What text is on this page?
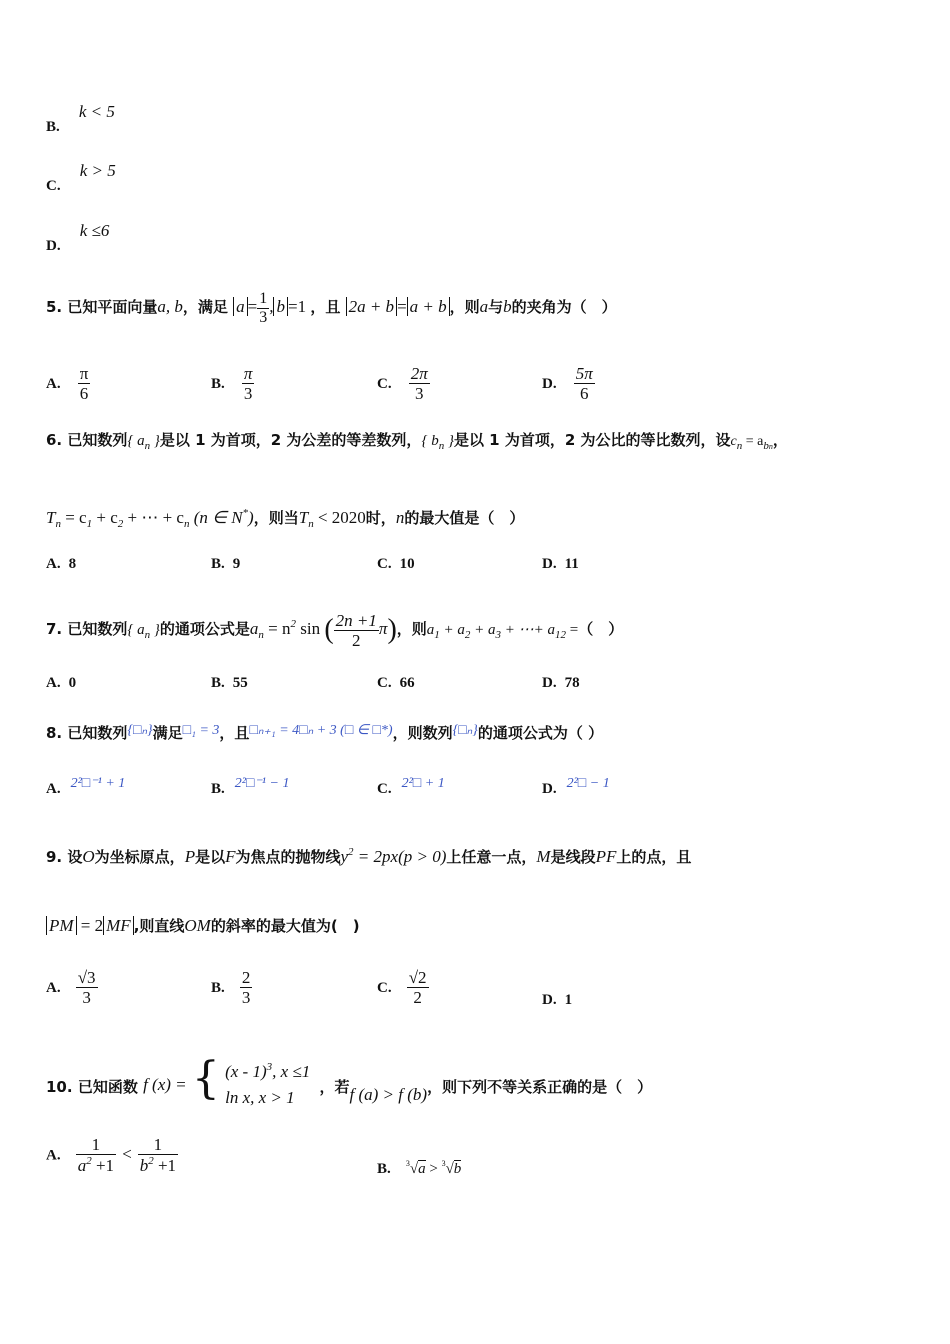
B. k < 5
C. k > 5
D. k ≤6
5. 已知平面向量a, b，满足 $a = \frac{1}{3}$ , b =1 ，且 2a + b = a + b ，则a与b的夹角为（　）
A. $\frac{\pi}{6}$	B. $\frac{\pi}{3}$	C. $\frac{2\pi}{3}$	D. $\frac{5\pi}{6}$
6. 已知数列{ $a_n$ }是以 1 为首项，2 为公差的等差数列，{ $b_n$ }是以 1 为首项，2 为公比的等比数列，设$c_n = a_{bn}$，
$T_n = c_1 + c_2$ + ⋯ + $c_n$ (n ∈ N*)，则当$T_n < 2020$时，n的最大值是（　）
A. 8	B. 9	C. 10	D. 11
7. 已知数列{ $a_n$ }的通项公式是$a_n = n^2$ sin ( $\frac{2n +1}{2} \pi$)，则$a_1 + a_2 + a_3$ + ⋯+ $a_{12}$ =（　）
A. 0	B. 55	C. 66	D. 78
8. 已知数列{□ₙ}满足□₁ = 3，且□ₙ₊₁ = 4□ₙ + 3 (□ ∈ □*)，则数列{□ₙ}的通项公式为（ ）
A. 2²□⁻¹ + 1	B. 2²□⁻¹ − 1	C. 2²□ + 1	D. 2²□ − 1
9. 设O为坐标原点，P是以F为焦点的抛物线$y^2 = 2px(p > 0)$上任意一点，M是线段PF上的点，且
PM = 2 MF ,则直线OM的斜率的最大值为(　)
A. $\frac{√3}{3}$	B. $\frac{2}{3}$	C. $\frac{√2}{2}$	D. 1
10. 已知函数 f (x) = { (x - 1)$^3$, x ≤1
ln x, x > 1
，若f (a) > f (b)，则下列不等关系正确的是（　）
A. $\frac{1}{a^2 +1} < \frac{1}{b^2 +1}$	B. $^3$√a > $^3$√b
